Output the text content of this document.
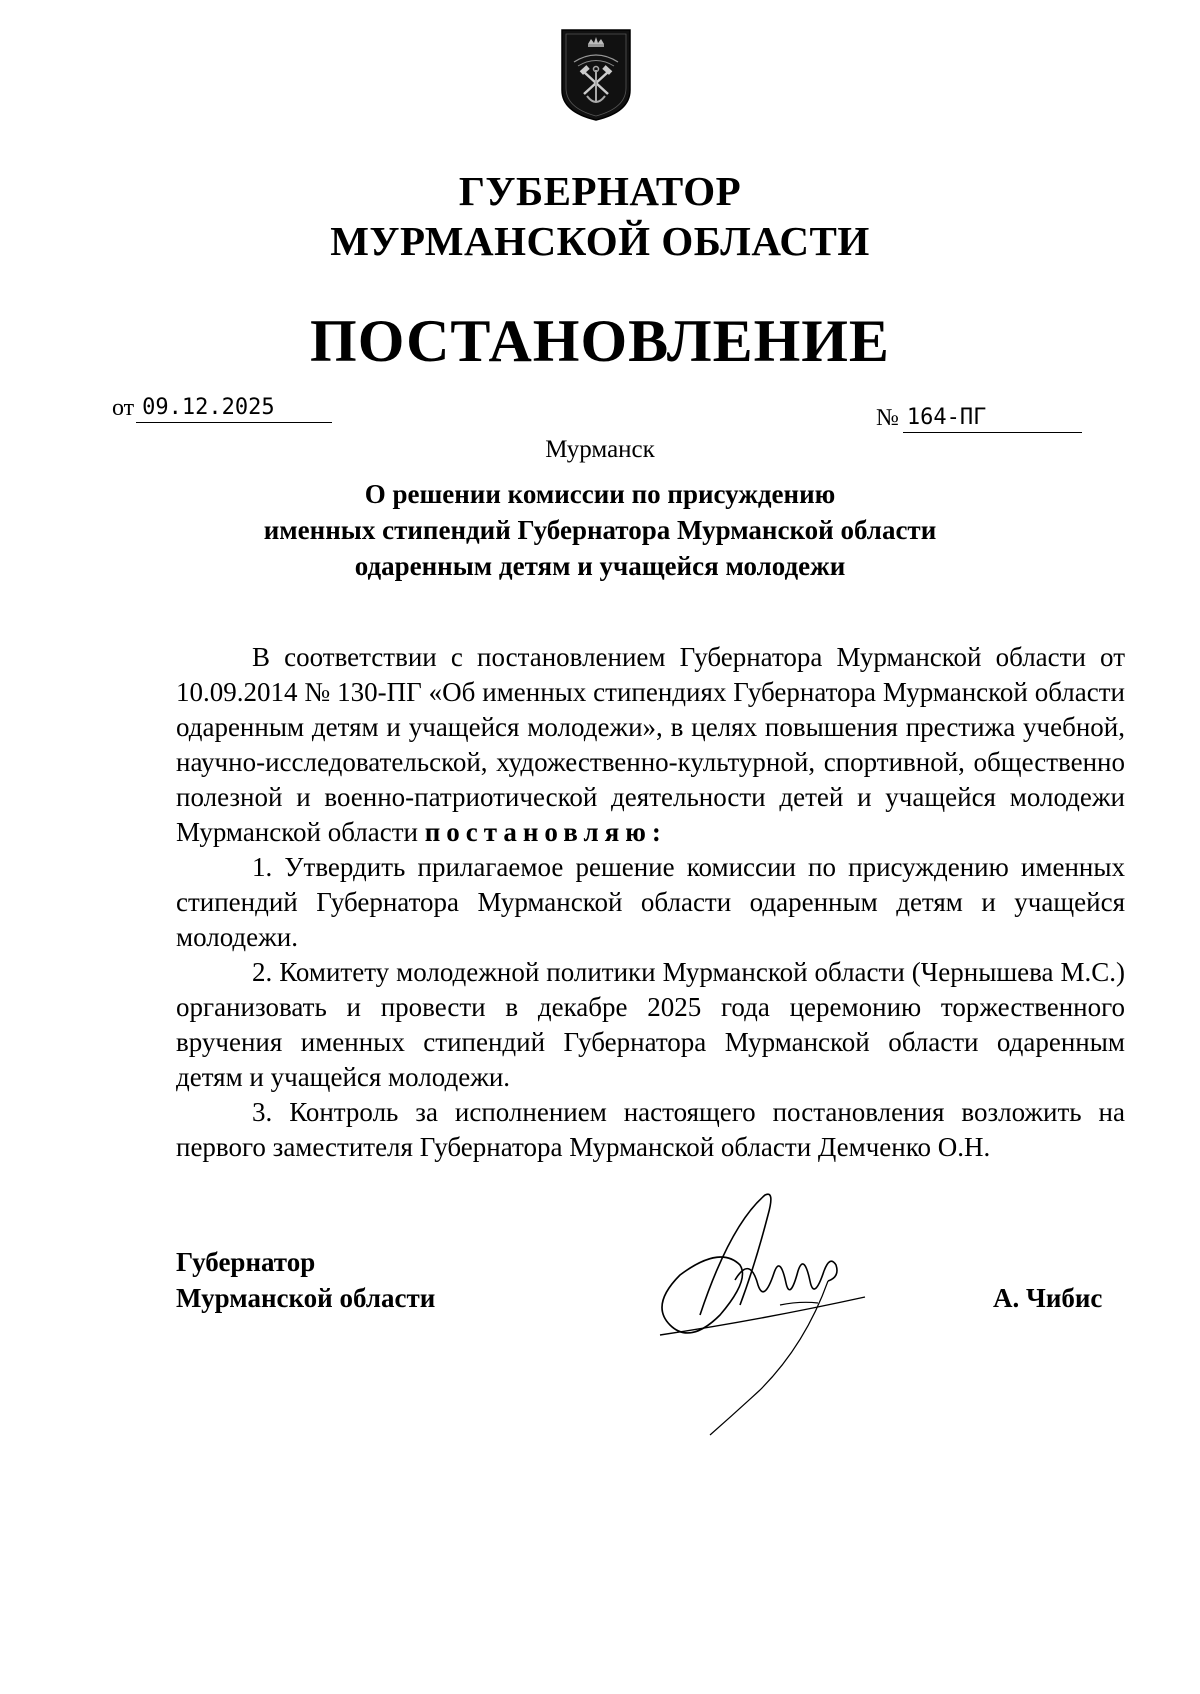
ГУБЕРНАТОР
МУРМАНСКОЙ ОБЛАСТИ
ПОСТАНОВЛЕНИЕ
от 09.12.2025	№ 164-ПГ
Мурманск
О решении комиссии по присуждению
именных стипендий Губернатора Мурманской области
одаренным детям и учащейся молодежи

В соответствии с постановлением Губернатора Мурманской области от 10.09.2014 № 130-ПГ «Об именных стипендиях Губернатора Мурманской области одаренным детям и учащейся молодежи», в целях повышения престижа учебной, научно-исследовательской, художественно-культурной, спортивной, общественно полезной и военно-патриотической деятельности детей и учащейся молодежи Мурманской области постановляю:

1. Утвердить прилагаемое решение комиссии по присуждению именных стипендий Губернатора Мурманской области одаренным детям и учащейся молодежи.

2. Комитету молодежной политики Мурманской области (Чернышева М.С.) организовать и провести в декабре 2025 года церемонию торжественного вручения именных стипендий Губернатора Мурманской области одаренным детям и учащейся молодежи.

3. Контроль за исполнением настоящего постановления возложить на первого заместителя Губернатора Мурманской области Демченко О.Н.

Губернатор
Мурманской области	А. Чибис
